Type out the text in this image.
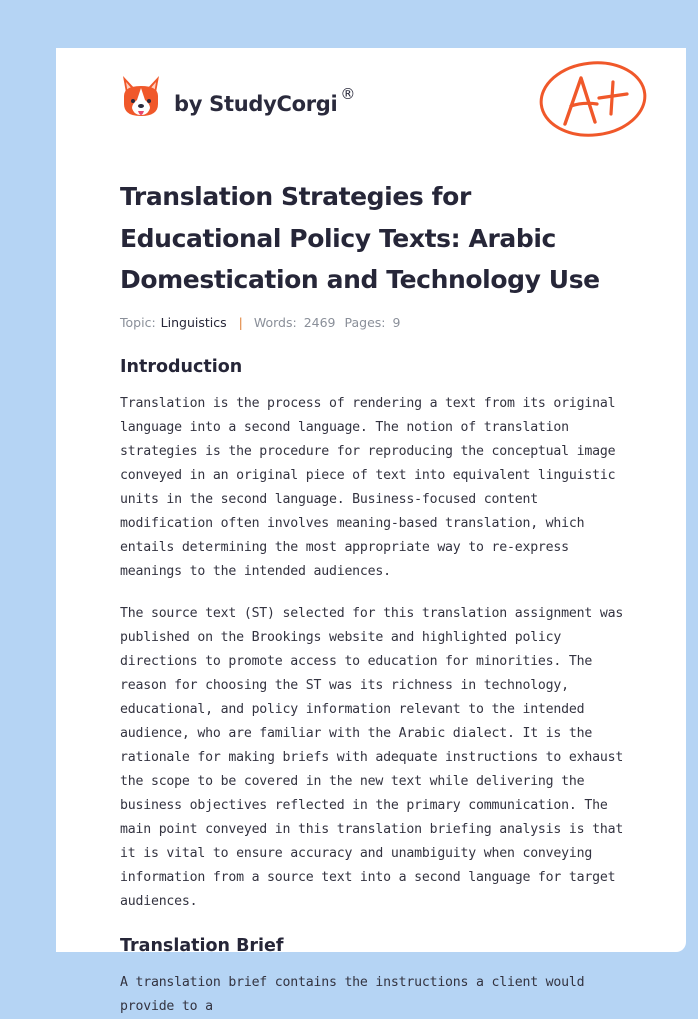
by StudyCorgi ®
Translation Strategies for Educational Policy Texts: Arabic Domestication and Technology Use
Topic: Linguistics | Words: 2469 Pages: 9
Introduction

Translation is the process of rendering a text from its original language into a second language. The notion of translation strategies is the procedure for reproducing the conceptual image conveyed in an original piece of text into equivalent linguistic units in the second language. Business-focused content modification often involves meaning-based translation, which entails determining the most appropriate way to re-express meanings to the intended audiences.

The source text (ST) selected for this translation assignment was published on the Brookings website and highlighted policy directions to promote access to education for minorities. The reason for choosing the ST was its richness in technology, educational, and policy information relevant to the intended audience, who are familiar with the Arabic dialect. It is the rationale for making briefs with adequate instructions to exhaust the scope to be covered in the new text while delivering the business objectives reflected in the primary communication. The main point conveyed in this translation briefing analysis is that it is vital to ensure accuracy and unambiguity when conveying information from a source text into a second language for target audiences.

Translation Brief

A translation brief contains the instructions a client would provide to a
